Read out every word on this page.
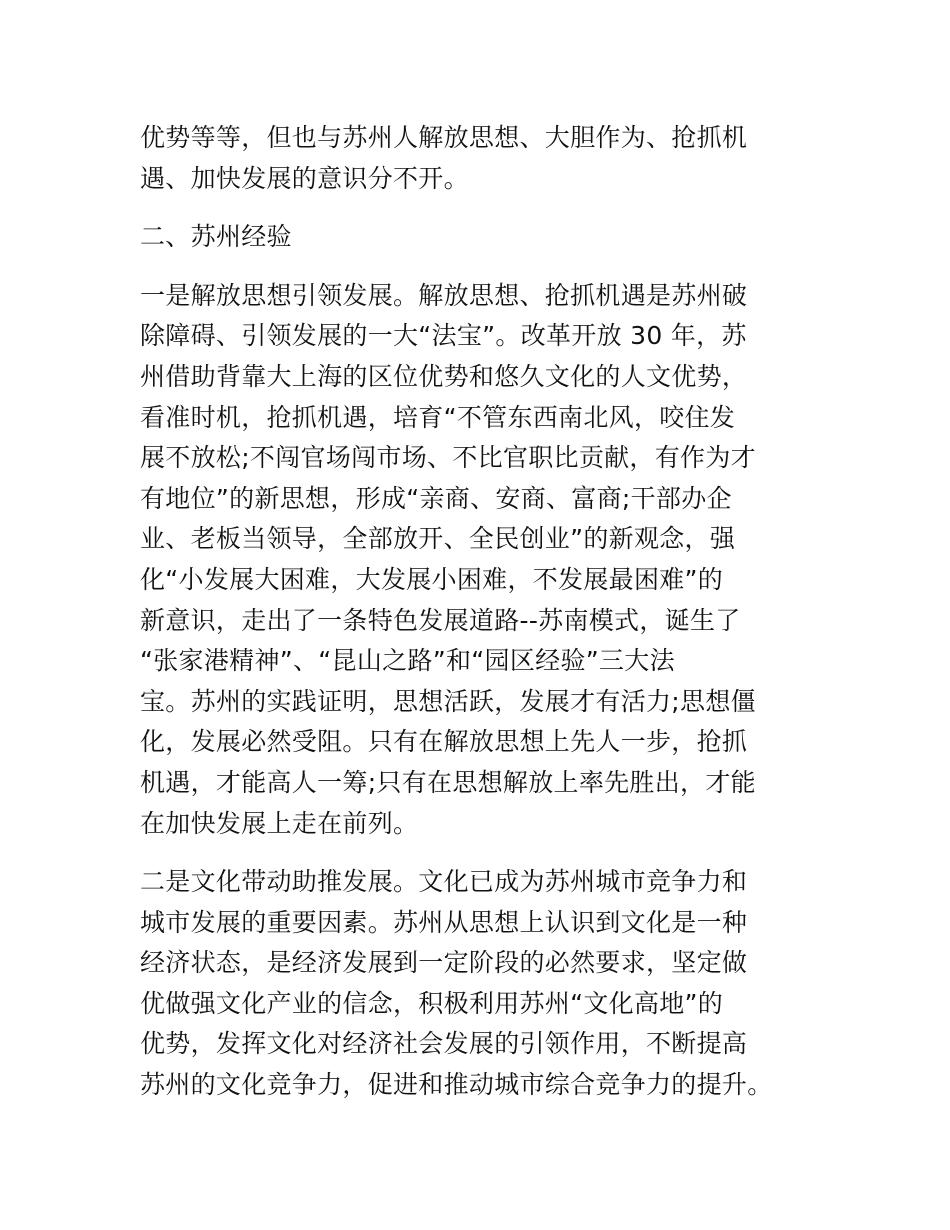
优势等等，但也与苏州人解放思想、大胆作为、抢抓机
遇、加快发展的意识分不开。
二、苏州经验
一是解放思想引领发展。解放思想、抢抓机遇是苏州破
除障碍、引领发展的一大“法宝”。改革开放 30 年，苏
州借助背靠大上海的区位优势和悠久文化的人文优势，
看准时机，抢抓机遇，培育“不管东西南北风，咬住发
展不放松;不闯官场闯市场、不比官职比贡献，有作为才
有地位”的新思想，形成“亲商、安商、富商;干部办企
业、老板当领导，全部放开、全民创业”的新观念，强
化“小发展大困难，大发展小困难，不发展最困难”的
新意识，走出了一条特色发展道路--苏南模式，诞生了
“张家港精神”、“昆山之路”和“园区经验”三大法
宝。苏州的实践证明，思想活跃，发展才有活力;思想僵
化，发展必然受阻。只有在解放思想上先人一步，抢抓
机遇，才能高人一筹;只有在思想解放上率先胜出，才能
在加快发展上走在前列。
二是文化带动助推发展。文化已成为苏州城市竞争力和
城市发展的重要因素。苏州从思想上认识到文化是一种
经济状态，是经济发展到一定阶段的必然要求，坚定做
优做强文化产业的信念，积极利用苏州“文化高地”的
优势，发挥文化对经济社会发展的引领作用，不断提高
苏州的文化竞争力，促进和推动城市综合竞争力的提升。
